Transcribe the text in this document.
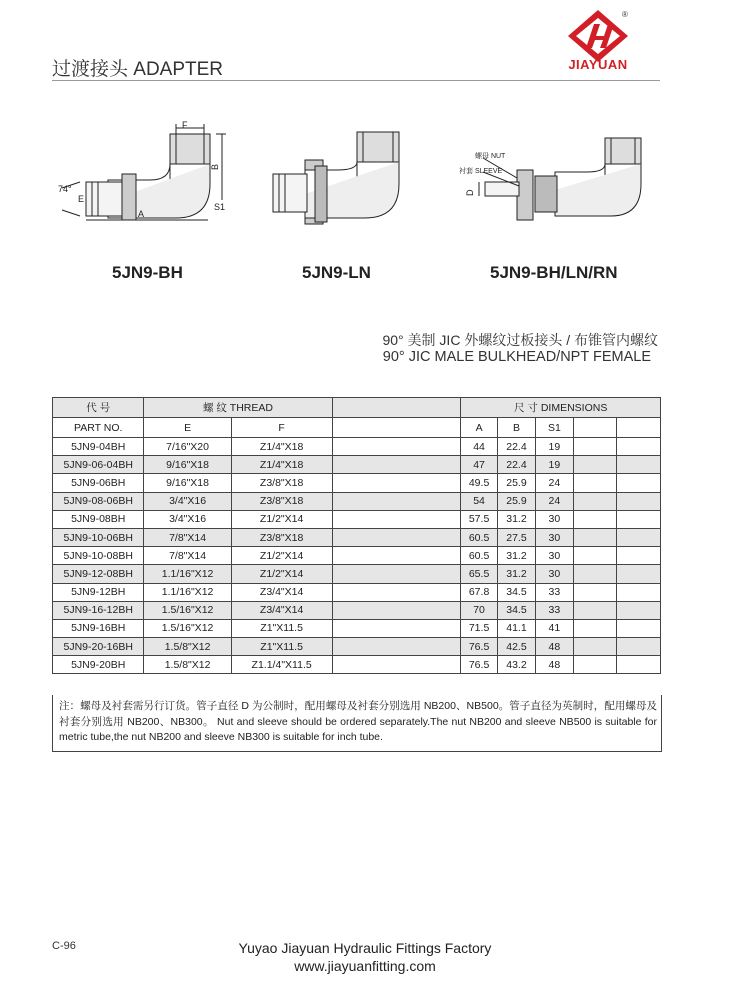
过渡接头 ADAPTER
®
JIAYUAN
F
B
E
A
S1
74°
5JN9-BH	5JN9-LN
螺母 NUT
衬套 SLEEVE
D
5JN9-BH/LN/RN
90° 美制 JIC 外螺纹过板接头 / 布锥管内螺纹
90° JIC MALE BULKHEAD/NPT FEMALE
代 号	螺 纹 THREAD			尺 寸 DIMENSIONS				
PART NO.	E	F		A	B	S1		
5JN9-04BH	7/16"X20	Z1/4"X18		44	22.4	19		
5JN9-06-04BH	9/16"X18	Z1/4"X18		47	22.4	19		
5JN9-06BH	9/16"X18	Z3/8"X18		49.5	25.9	24		
5JN9-08-06BH	3/4"X16	Z3/8"X18		54	25.9	24		
5JN9-08BH	3/4"X16	Z1/2"X14		57.5	31.2	30		
5JN9-10-06BH	7/8"X14	Z3/8"X18		60.5	27.5	30		
5JN9-10-08BH	7/8"X14	Z1/2"X14		60.5	31.2	30		
5JN9-12-08BH	1.1/16"X12	Z1/2"X14		65.5	31.2	30		
5JN9-12BH	1.1/16"X12	Z3/4"X14		67.8	34.5	33		
5JN9-16-12BH	1.5/16"X12	Z3/4"X14		70	34.5	33		
5JN9-16BH	1.5/16"X12	Z1"X11.5		71.5	41.1	41		
5JN9-20-16BH	1.5/8"X12	Z1"X11.5		76.5	42.5	48		
5JN9-20BH	1.5/8"X12	Z1.1/4"X11.5		76.5	43.2	48		
注：螺母及衬套需另行订货。管子直径 D 为公制时，配用螺母及衬套分别选用 NB200、NB500。管子直径为英制时，配用螺母及衬套分别选用 NB200、NB300。 Nut and sleeve should be ordered separately.The nut NB200 and sleeve NB500 is suitable for metric tube,the nut NB200 and sleeve NB300 is suitable for inch tube.
C-96	Yuyao Jiayuan Hydraulic Fittings Factory
www.jiayuanfitting.com
